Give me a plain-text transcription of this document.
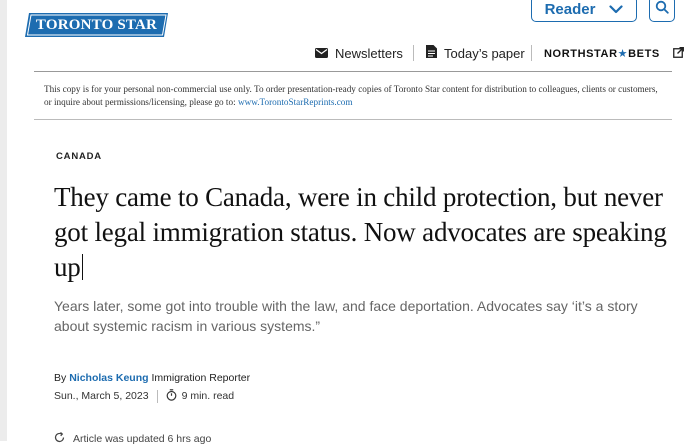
TORONTO STAR
Reader
Newsletters	Today’s paper NORTHSTAR★BETS
This copy is for your personal non-commercial use only. To order presentation-ready copies of Toronto Star content for distribution to colleagues, clients or customers, or inquire about permissions/licensing, please go to: www.TorontoStarReprints.com
CANADA
They came to Canada, were in child protection, but never got legal immigration status. Now advocates are speaking up
Years later, some got into trouble with the law, and face deportation. Advocates say ‘it’s a story about systemic racism in various systems.”
By Nicholas Keung Immigration Reporter
Sun., March 5, 2023	9 min. read
Article was updated 6 hrs ago
